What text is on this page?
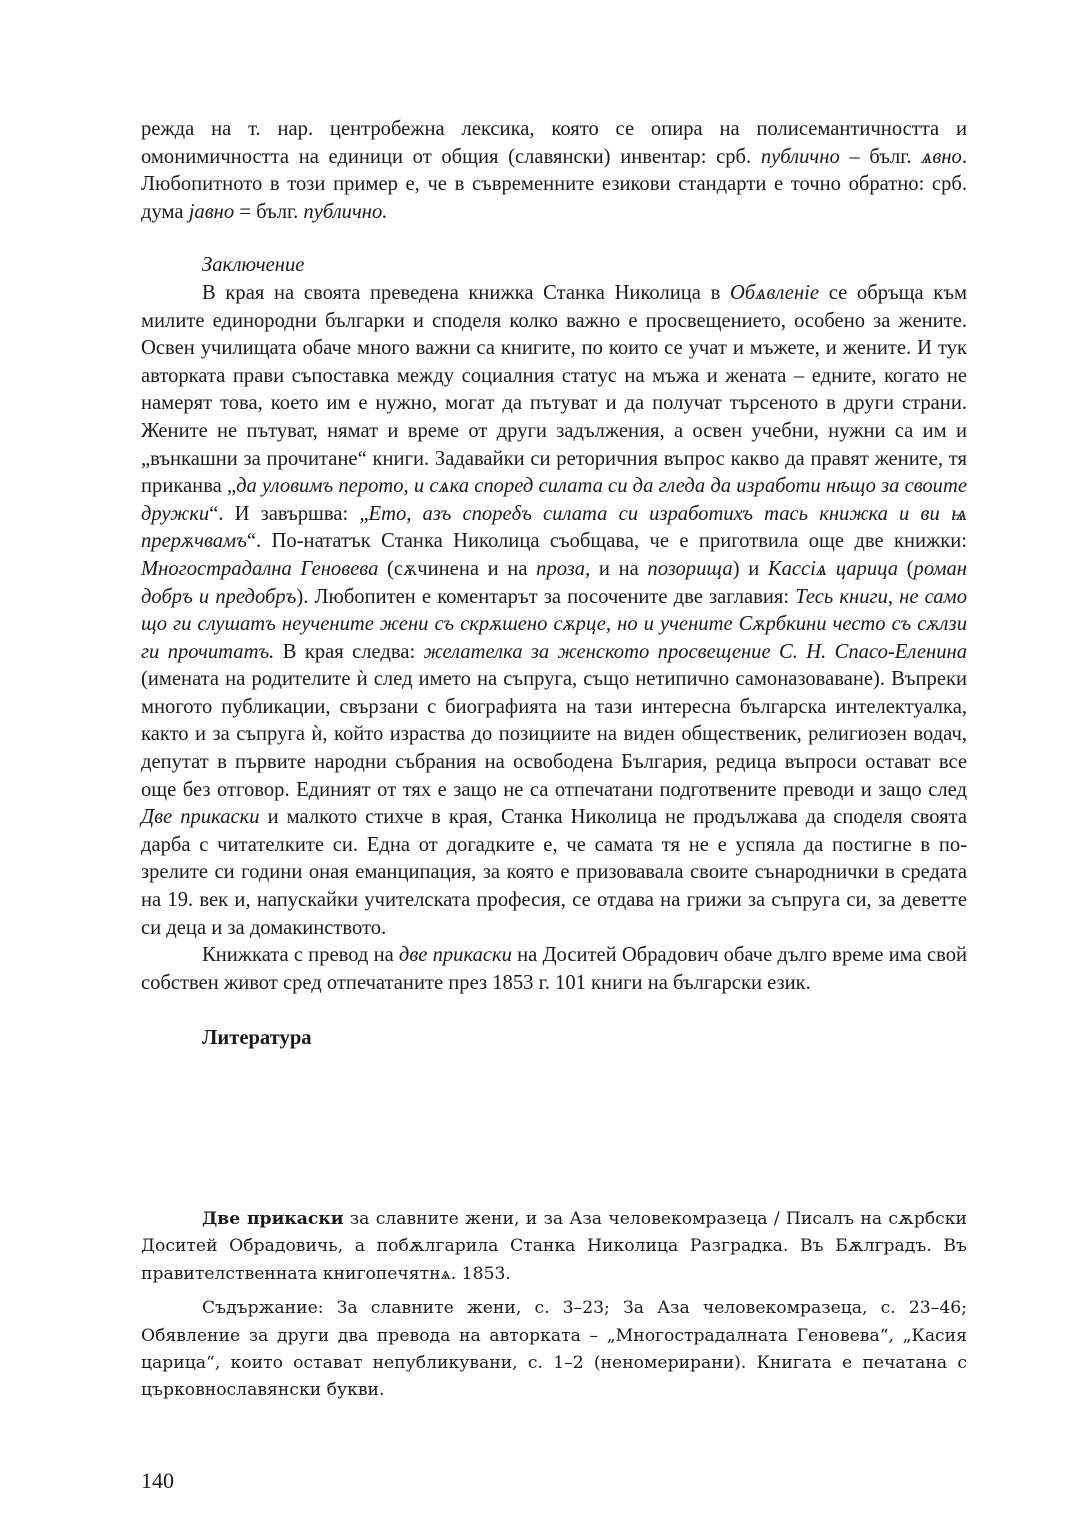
режда на т. нар. центробежна лексика, която се опира на полисемантичността и омонимичността на единици от общия (славянски) инвентар: срб. публично – бълг. ѧвно. Любопитното в този пример е, че в съвременните езикови стандарти е точно обратно: срб. дума јавно = бълг. публично.

Заключение

В края на своята преведена книжка Станка Николица в Обѧвленіе се обръща към милите единородни българки и споделя колко важно е просвещението, особено за жените. Освен училищата обаче много важни са книгите, по които се учат и мъжете, и жените. И тук авторката прави съпоставка между социалния статус на мъжа и жената – едните, когато не намерят това, което им е нужно, могат да пътуват и да получат търсеното в други страни. Жените не пътуват, нямат и време от други задължения, а освен учебни, нужни са им и „вънкашни за прочитане“ книги. Задавайки си реторичния въпрос какво да правят жените, тя приканва „да уловимъ перото, и сѧка според силата си да гледа да изработи нѣщо за своите дружки“. И завършва: „Ето, азъ спореδъ силата си изработихъ тась книжка и ви ѩ прерѫчвамъ“. По-нататък Станка Николица съобщава, че е приготвила още две книжки: Многострадална Геновева (сѫчинена и на проза, и на позорища) и Кассіѧ царица (роман добръ и предобръ). Любопитен е коментарът за посочените две заглавия: Тесь книги, не само що ги слушатъ неучените жени съ скрѫшено сѫрце, но и учените Сѫрбкини често съ сѫлзи ги прочитатъ. В края следва: желателка за женското просвещение С. Н. Спасо-Еленина (имената на родителите ѝ след името на съпруга, също нетипично самоназоваване). Въпреки многото публикации, свързани с биографията на тази интересна българска интелектуалка, както и за съпруга ѝ, който израства до позициите на виден общественик, религиозен водач, депутат в първите народни събрания на освободена България, редица въпроси остават все още без отговор. Единият от тях е защо не са отпечатани подготвените преводи и защо след Две прикаски и малкото стихче в края, Станка Николица не продължава да споделя своята дарба с читателките си. Една от догадките е, че самата тя не е успяла да постигне в по-зрелите си години оная еманципация, за която е призовавала своите сънароднички в средата на 19. век и, напускайки учителската професия, се отдава на грижи за съпруга си, за деветте си деца и за домакинството.

Книжката с превод на две прикаски на Доситей Обрадович обаче дълго време има свой собствен живот сред отпечатаните през 1853 г. 101 книги на български език.

Литература

Две прикаски за славните жени, и за Аза человекомразеца / Писалъ на сѫрбски Доситей Обрадовичь, а побѫлгарила Станка Николица Разградка. Въ Бѫлградъ. Въ правителственната книгопечятнѧ. 1853.

Съдържание: За славните жени, с. 3–23; За Аза человекомразеца, с. 23–46; Обявление за други два превода на авторката – „Многострадалната Геновева“, „Касия царица“, които остават непубликувани, с. 1–2 (неномерирани). Книгата е печатана с църковнославянски букви.

140
